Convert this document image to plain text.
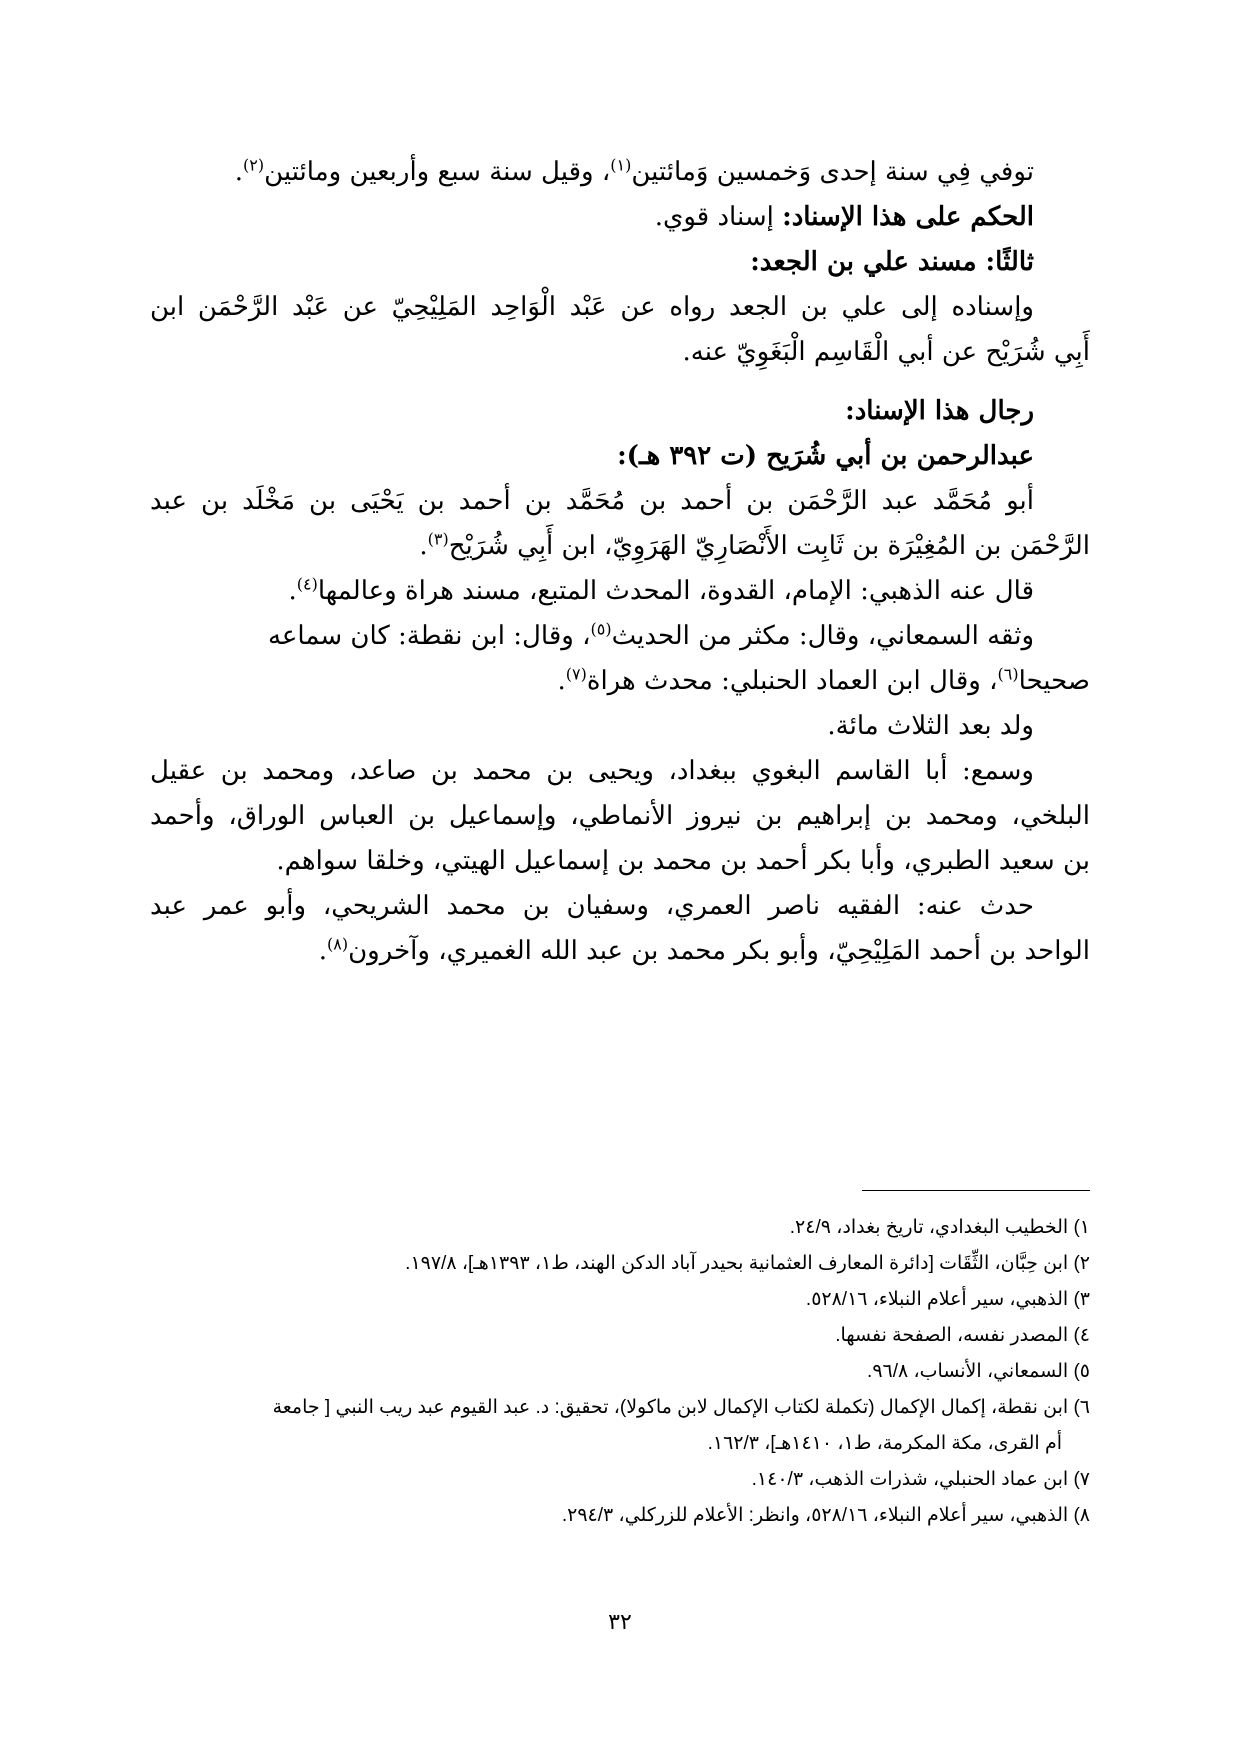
توفي فِي سنة إحدى وَخمسين وَمائتين$^{(١)}$، وقيل سنة سبع وأربعين ومائتين$^{(٢)}$.
الحكم على هذا الإسناد: إسناد قوي.
ثالثًا: مسند علي بن الجعد:
وإسناده إلى علي بن الجعد رواه عن عَبْد الْوَاحِد المَلِيْحِيّ عن عَبْد الرَّحْمَن ابن
أَبِي شُرَيْح عن أبي الْقَاسِم الْبَغَوِيّ عنه.
رجال هذا الإسناد:
عبدالرحمن بن أبي شُرَيح (ت ٣٩٢ هـ):
أبو مُحَمَّد عبد الرَّحْمَن بن أحمد بن مُحَمَّد بن أحمد بن يَحْيَى بن مَخْلَد بن عبد
الرَّحْمَن بن المُغِيْرَة بن ثَابِت الأَنْصَارِيّ الهَرَوِيّ، ابن أَبِي شُرَيْح$^{(٣)}$.
قال عنه الذهبي: الإمام، القدوة، المحدث المتبع، مسند هراة وعالمها$^{(٤)}$.
وثقه السمعاني، وقال: مكثر من الحديث$^{(٥)}$، وقال: ابن نقطة: كان سماعه
صحيحا$^{(٦)}$، وقال ابن العماد الحنبلي: محدث هراة$^{(٧)}$.
ولد بعد الثلاث مائة.
وسمع: أبا القاسم البغوي ببغداد، ويحيى بن محمد بن صاعد، ومحمد بن عقيل
البلخي، ومحمد بن إبراهيم بن نيروز الأنماطي، وإسماعيل بن العباس الوراق، وأحمد
بن سعيد الطبري، وأبا بكر أحمد بن محمد بن إسماعيل الهيتي، وخلقا سواهم.
حدث عنه: الفقيه ناصر العمري، وسفيان بن محمد الشريحي، وأبو عمر عبد
الواحد بن أحمد المَلِيْحِيّ، وأبو بكر محمد بن عبد الله الغميري، وآخرون$^{(٨)}$.
١) الخطيب البغدادي، تاريخ بغداد، ٢٤/٩.
٢) ابن حِبَّان، الثِّقَات [دائرة المعارف العثمانية بحيدر آباد الدكن الهند، ط١، ١٣٩٣هـ]، ١٩٧/٨.
٣) الذهبي، سير أعلام النبلاء، ٥٢٨/١٦.
٤) المصدر نفسه، الصفحة نفسها.
٥) السمعاني، الأنساب، ٩٦/٨.
٦) ابن نقطة، إكمال الإكمال (تكملة لكتاب الإكمال لابن ماكولا)، تحقيق: د. عبد القيوم عبد ريب النبي [ جامعة
أم القرى، مكة المكرمة، ط١، ١٤١٠هـ]، ١٦٢/٣.
٧) ابن عماد الحنبلي، شذرات الذهب، ١٤٠/٣.
٨) الذهبي، سير أعلام النبلاء، ٥٢٨/١٦، وانظر: الأعلام للزركلي، ٢٩٤/٣.
٣٢
